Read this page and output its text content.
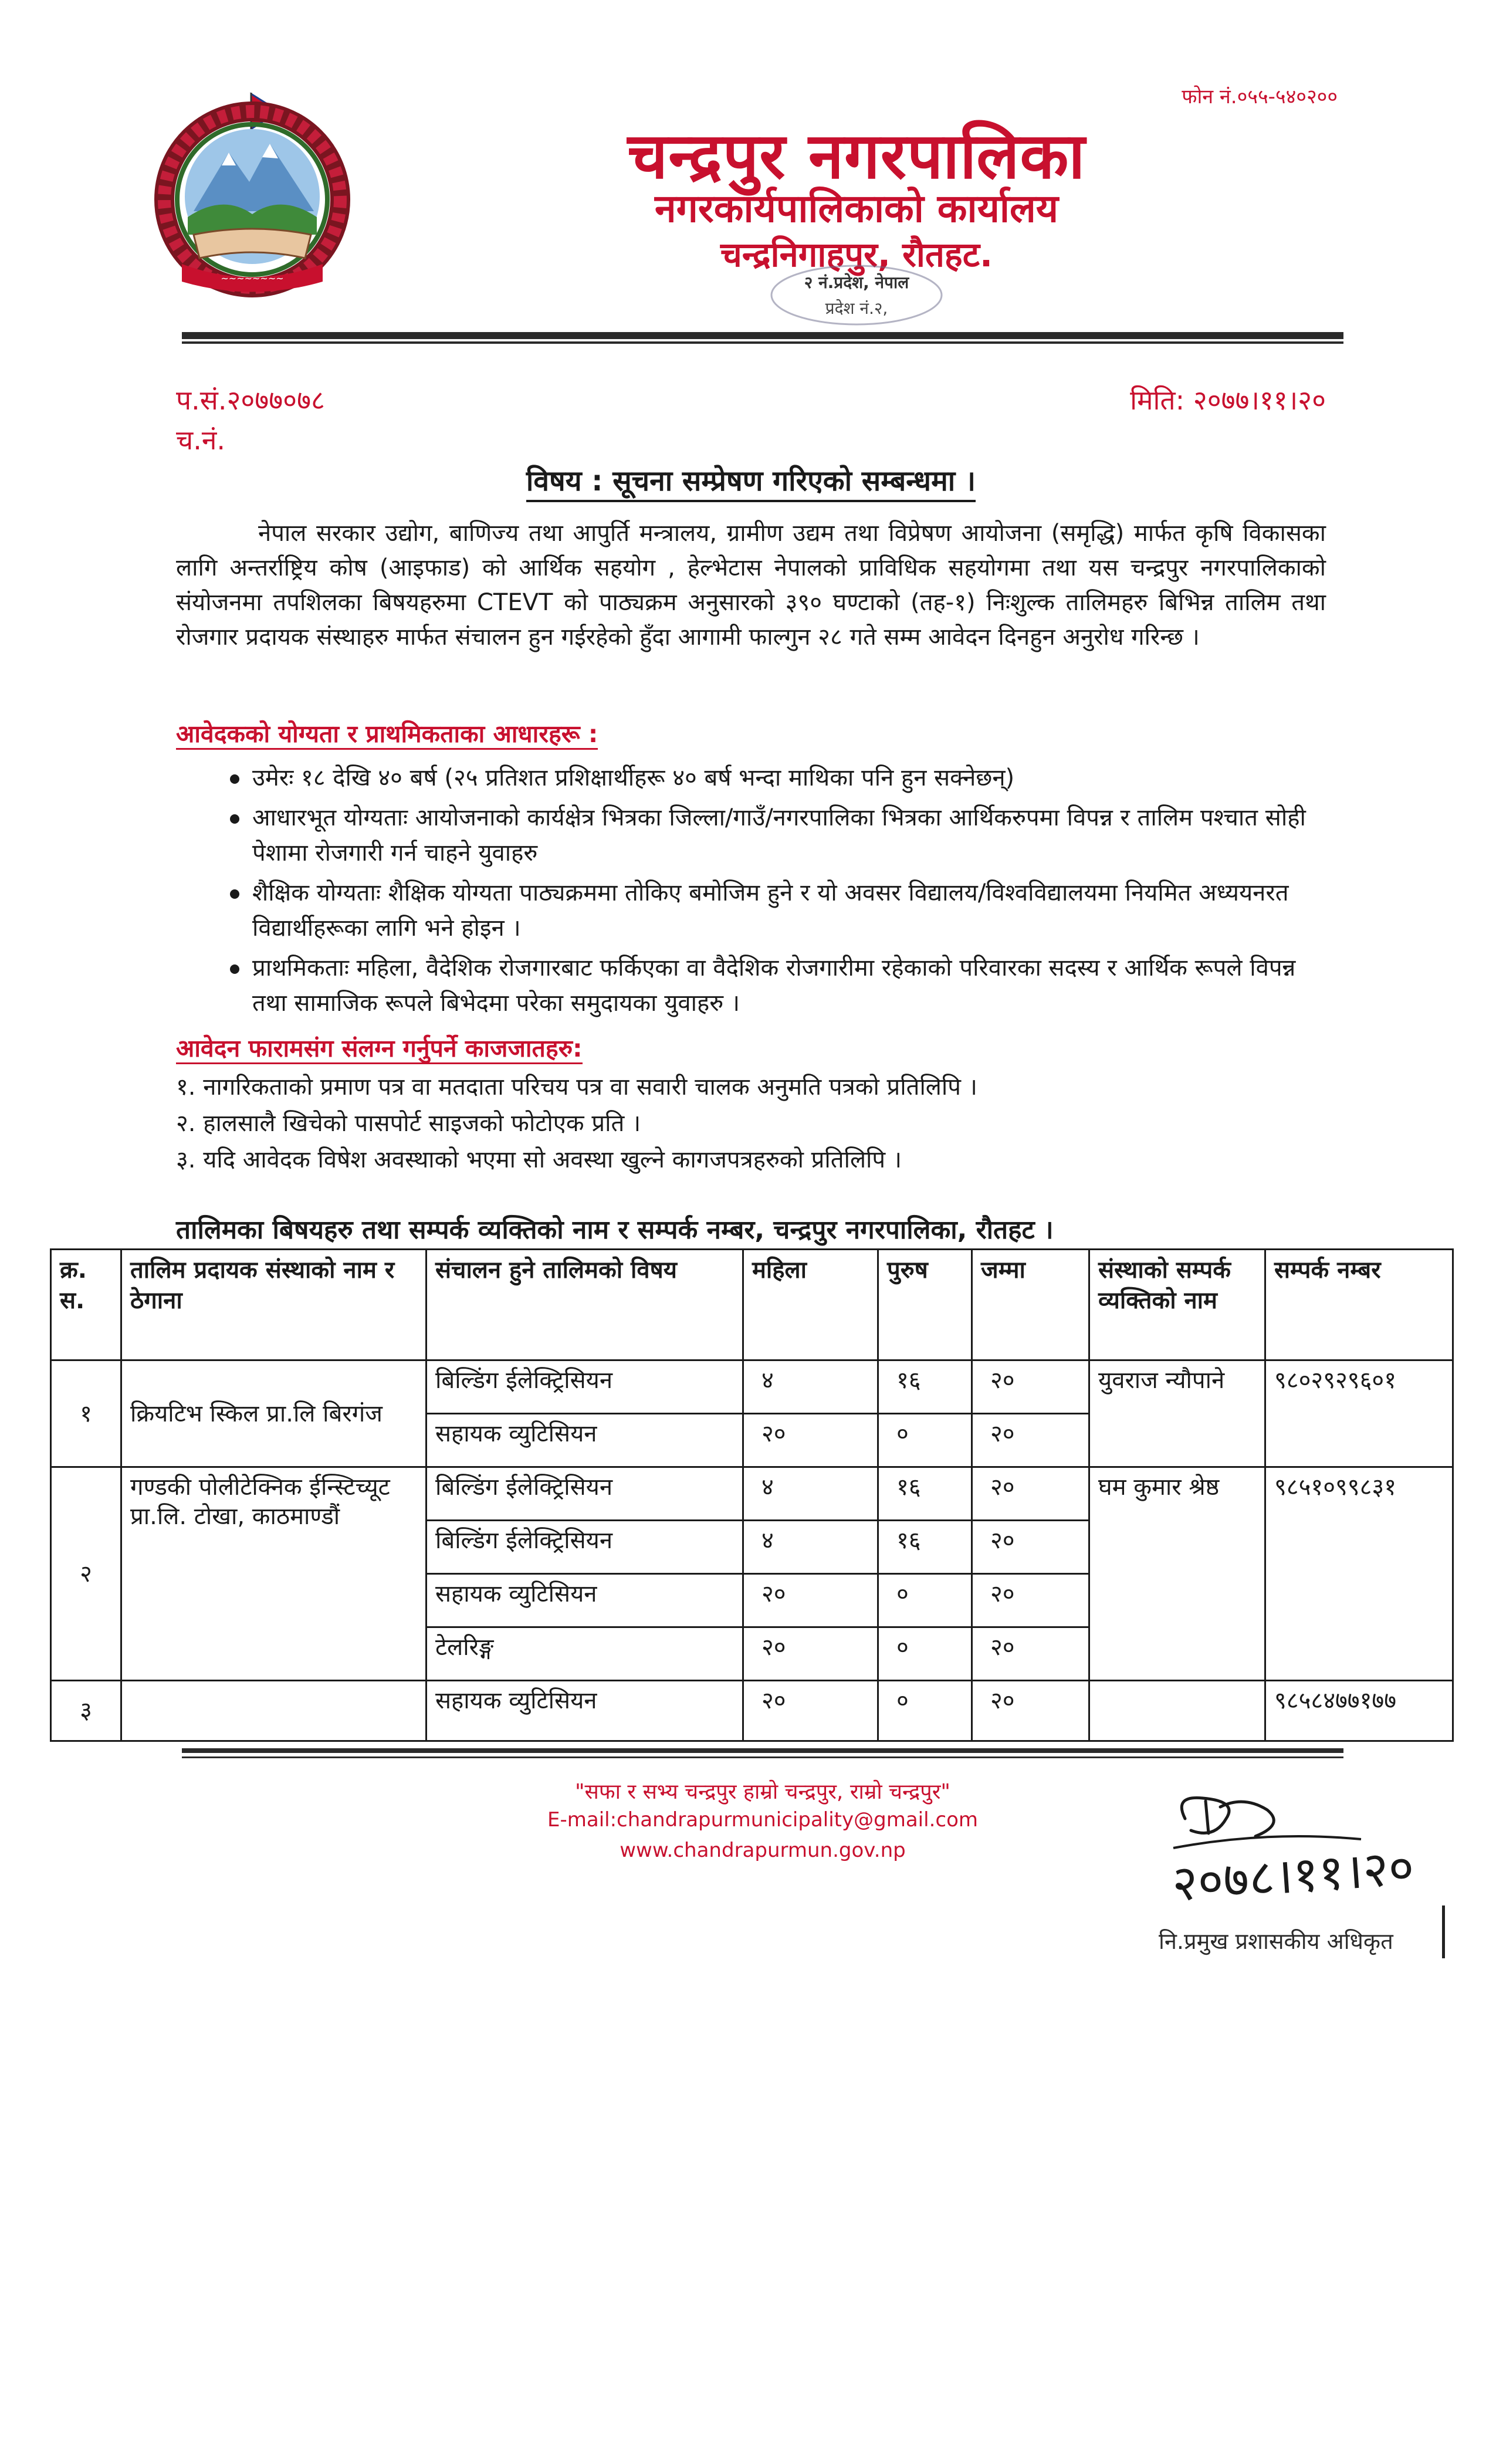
~~~~~~~~
फोन नं.०५५-५४०२००
चन्द्रपुर नगरपालिका
नगरकार्यपालिकाको कार्यालय
चन्द्रनिगाहपुर, रौतहट.
२ नं.प्रदेश, नेपाल
प्रदेश नं.२,
प.सं.२०७७०७८
च.नं.
मिति: २०७७।११।२०
विषय : सूचना सम्प्रेषण गरिएको सम्बन्धमा ।
नेपाल सरकार उद्योग, बाणिज्य तथा आपुर्ति मन्त्रालय, ग्रामीण उद्यम तथा विप्रेषण आयोजना (समृद्धि) मार्फत कृषि विकासका लागि अन्तर्राष्ट्रिय कोष (आइफाड) को आर्थिक सहयोग , हेल्भेटास नेपालको प्राविधिक सहयोगमा तथा यस चन्द्रपुर नगरपालिकाको संयोजनमा तपशिलका बिषयहरुमा CTEVT को पाठ्यक्रम अनुसारको ३९० घण्टाको (तह-१) निःशुल्क तालिमहरु बिभिन्न तालिम तथा रोजगार प्रदायक संस्थाहरु मार्फत संचालन हुन गईरहेको हुँदा आगामी फाल्गुन २८ गते सम्म आवेदन दिनहुन अनुरोध गरिन्छ ।
आवेदकको योग्यता र प्राथमिकताका आधारहरू :
उमेरः १८ देखि ४० बर्ष (२५ प्रतिशत प्रशिक्षार्थीहरू ४० बर्ष भन्दा माथिका पनि हुन सक्नेछन्)
आधारभूत योग्यताः आयोजनाको कार्यक्षेत्र भित्रका जिल्ला/गाउँ/नगरपालिका भित्रका आर्थिकरुपमा विपन्न र तालिम पश्चात सोही पेशामा रोजगारी गर्न चाहने युवाहरु
शैक्षिक योग्यताः शैक्षिक योग्यता पाठ्यक्रममा तोकिए बमोजिम हुने र यो अवसर विद्यालय/विश्वविद्यालयमा नियमित अध्ययनरत विद्यार्थीहरूका लागि भने होइन ।
प्राथमिकताः महिला, वैदेशिक रोजगारबाट फर्किएका वा वैदेशिक रोजगारीमा रहेकाको परिवारका सदस्य र आर्थिक रूपले विपन्न तथा सामाजिक रूपले बिभेदमा परेका समुदायका युवाहरु ।
आवेदन फारामसंग संलग्न गर्नुपर्ने काजजातहरु:
१. नागरिकताको प्रमाण पत्र वा मतदाता परिचय पत्र वा सवारी चालक अनुमति पत्रको प्रतिलिपि ।
२. हालसालै खिचेको पासपोर्ट साइजको फोटोएक प्रति ।
३. यदि आवेदक विषेश अवस्थाको भएमा सो अवस्था खुल्ने कागजपत्रहरुको प्रतिलिपि ।
तालिमका बिषयहरु तथा सम्पर्क व्यक्तिको नाम र सम्पर्क नम्बर, चन्द्रपुर नगरपालिका, रौतहट ।
क्र. स.	तालिम प्रदायक संस्थाको नाम र ठेगाना	संचालन हुने तालिमको विषय	महिला	पुरुष	जम्मा	संस्थाको सम्पर्क व्यक्तिको नाम	सम्पर्क नम्बर
१	क्रियटिभ स्किल प्रा.लि बिरगंज	बिल्डिंग ईलेक्ट्रिसियन	४	१६	२०	युवराज न्यौपाने	९८०२९२९६०१
		सहायक व्युटिसियन	२०	०	२०		
२	गण्डकी पोलीटेक्निक ईन्स्टिच्यूट प्रा.लि. टोखा, काठमाण्डौं	बिल्डिंग ईलेक्ट्रिसियन	४	१६	२०	घम कुमार श्रेष्ठ	९८५१०९९८३१
		बिल्डिंग ईलेक्ट्रिसियन	४	१६	२०		
		सहायक व्युटिसियन	२०	०	२०		
		टेलरिङ्ग	२०	०	२०		
३		सहायक व्युटिसियन	२०	०	२०		९८५८४७७१७७
"सफा र सभ्य चन्द्रपुर हाम्रो चन्द्रपुर, राम्रो चन्द्रपुर"
E-mail:chandrapurmunicipality@gmail.com
www.chandrapurmun.gov.np	२०७८।११।२०
नि.प्रमुख प्रशासकीय अधिकृत
